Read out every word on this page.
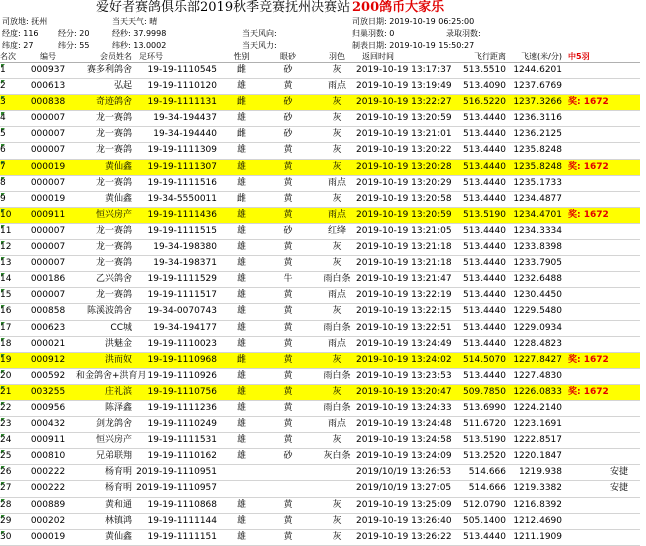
爱好者赛鸽俱乐部2019秋季竞赛抚州决赛站 200鸽币大家乐
司放地: 抚州	当天天气: 晴	司放日期: 2019-10-19 06:25:00
经度: 116 经分: 20	经秒: 37.9998	当天风向:	归巢羽数: 0	录取羽数:
纬度: 27	纬分: 55	纬秒: 13.0002	当天风力:	制表日期: 2019-10-19 15:50:27
名次	编号	会员姓名 足环号	性别	眼砂	羽色	返回时间	飞行距离	飞速(米/分) 中5羽
1	000937	赛多利鸽舍	19-19-1110545	雌	砂	灰	2019-10-19 13:17:37	513.5510 1244.6201
2	000613	弘起	19-19-1110120	雄	黄	雨点	2019-10-19 13:19:49	513.4090 1237.6769
3	000838	奇迹鸽舍	19-19-1111131	雌	砂	灰	2019-10-19 13:22:27	516.5220 1237.3266 奖: 1672
4	000007	龙一赛鸽	19-34-194437	雄	砂	灰	2019-10-19 13:20:59	513.4440 1236.3116
5	000007	龙一赛鸽	19-34-194440	雌	砂	灰	2019-10-19 13:21:01	513.4440 1236.2125
6	000007	龙一赛鸽	19-19-1111309	雄	黄	灰	2019-10-19 13:20:22	513.4440 1235.8248
7	000019	黄仙鑫	19-19-1111307	雄	黄	灰	2019-10-19 13:20:28	513.4440 1235.8248 奖: 1672
8	000007	龙一赛鸽	19-19-1111516	雄	黄	雨点	2019-10-19 13:20:29	513.4440 1235.1733
9	000019	黄仙鑫	19-34-5550011	雌	黄	灰	2019-10-19 13:20:58	513.4440 1234.4877
10	000911	恒兴房产	19-19-1111436	雄	黄	雨点	2019-10-19 13:20:59	513.5190 1234.4701 奖: 1672
11	000007	龙一赛鸽	19-19-1111515	雄	砂	红绛	2019-10-19 13:21:05	513.4440 1234.3334
12	000007	龙一赛鸽	19-34-198380	雄	黄	灰	2019-10-19 13:21:18	513.4440 1233.8398
13	000007	龙一赛鸽	19-34-198371	雄	黄	灰	2019-10-19 13:21:18	513.4440 1233.7905
14	000186	乙兴鸽舍	19-19-1111529	雄	牛	雨白条 2019-10-19 13:21:47	513.4440 1232.6488
15	000007	龙一赛鸽	19-19-1111517	雄	黄	雨点	2019-10-19 13:22:19	513.4440 1230.4450
16	000858	陈溪波鸽舍	19-34-0070743	雄	黄	灰	2019-10-19 13:22:15	513.4440 1229.5480
17	000623	CC城	19-34-194177	雄	黄	雨白条 2019-10-19 13:22:51	513.4440 1229.0934
18	000021	洪魅金	19-19-1110023	雄	黄	雨点	2019-10-19 13:24:49	513.4440 1228.4823
19	000912	洪而奴	19-19-1110968	雌	黄	灰	2019-10-19 13:24:02	514.5070 1227.8427 奖: 1672
20	000592	和金鸽舍+洪育月 19-19-1110926	雄	黄	雨白条 2019-10-19 13:23:53	513.4440 1227.4830
21	003255	庄礼滨	19-19-1110756	雄	黄	灰	2019-10-19 13:20:47	509.7850 1226.0833 奖: 1672
22	000956	陈泽鑫	19-19-1111236	雄	黄	雨白条 2019-10-19 13:24:33	513.6990 1224.2140
23	000432	剑龙鸽舍	19-19-1110249	雄	黄	雨点	2019-10-19 13:24:48	511.6720 1223.1691
24	000911	恒兴房产	19-19-1111531	雄	黄	灰	2019-10-19 13:24:58	513.5190 1222.8517
25	000810	兄弟联翔	19-19-1110162	雄	砂	灰白条 2019-10-19 13:24:09	513.2520 1220.1847
26	000222	杨育明 2019-19-1110951	2019/10/19 13:26:53	514.666	1219.938	安捷
27	000222	杨育明 2019-19-1110957	2019/10/19 13:27:05	514.666 1219.3382	安捷
28	000889	黄和通	19-19-1110868	雄	黄	灰	2019-10-19 13:25:09	512.0790 1216.8392
29	000202	林镇鸿	19-19-1111144	雄	黄	灰	2019-10-19 13:26:40	505.1400 1212.4690
30	000019	黄仙鑫	19-19-1111151	雄	黄	灰	2019-10-19 13:26:22	513.4440 1211.1909
